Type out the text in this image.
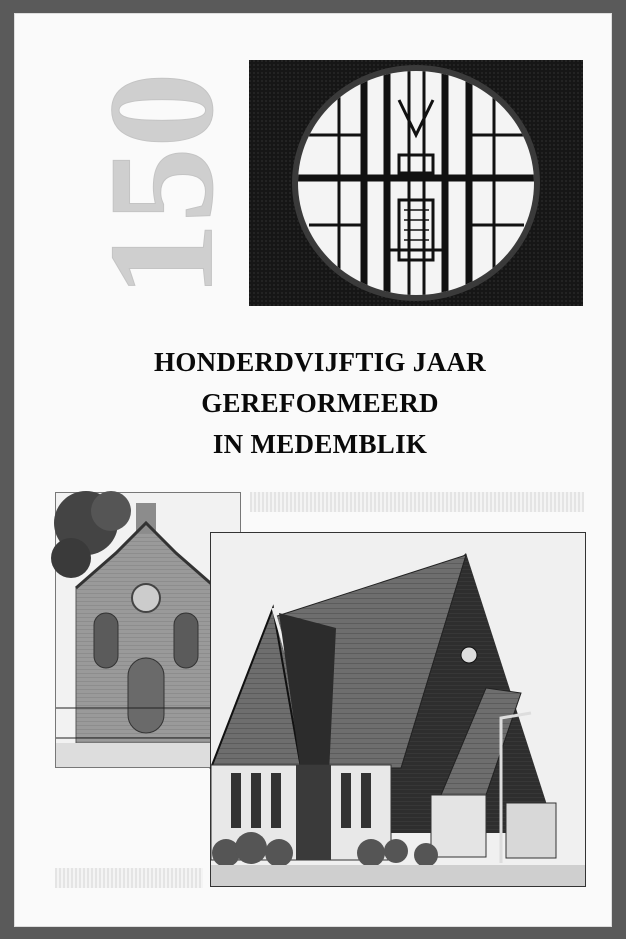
150
HONDERDVIJFTIG JAAR
GEREFORMEERD
IN MEDEMBLIK
